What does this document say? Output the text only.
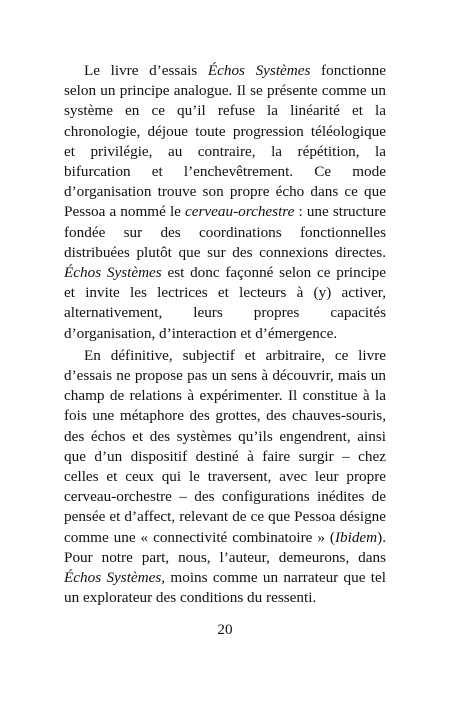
Le livre d’essais Échos Systèmes fonctionne selon un principe analogue. Il se présente comme un système en ce qu’il refuse la linéarité et la chronologie, déjoue toute progression téléologique et privilégie, au contraire, la répétition, la bifurcation et l’enchevêtrement. Ce mode d’organisation trouve son propre écho dans ce que Pessoa a nommé le cerveau-orchestre : une structure fondée sur des coordinations fonctionnelles distribuées plutôt que sur des connexions directes. Échos Systèmes est donc façonné selon ce principe et invite les lectrices et lecteurs à (y) activer, alternativement, leurs propres capacités d’organisation, d’interaction et d’émergence.

En définitive, subjectif et arbitraire, ce livre d’essais ne propose pas un sens à découvrir, mais un champ de relations à expérimenter. Il constitue à la fois une métaphore des grottes, des chauves-souris, des échos et des systèmes qu’ils engendrent, ainsi que d’un dispositif destiné à faire surgir – chez celles et ceux qui le traversent, avec leur propre cerveau-orchestre – des configurations inédites de pensée et d’affect, relevant de ce que Pessoa désigne comme une « connectivité combinatoire » (Ibidem). Pour notre part, nous, l’auteur, demeurons, dans Échos Systèmes, moins comme un narrateur que tel un explorateur des conditions du ressenti.

20
